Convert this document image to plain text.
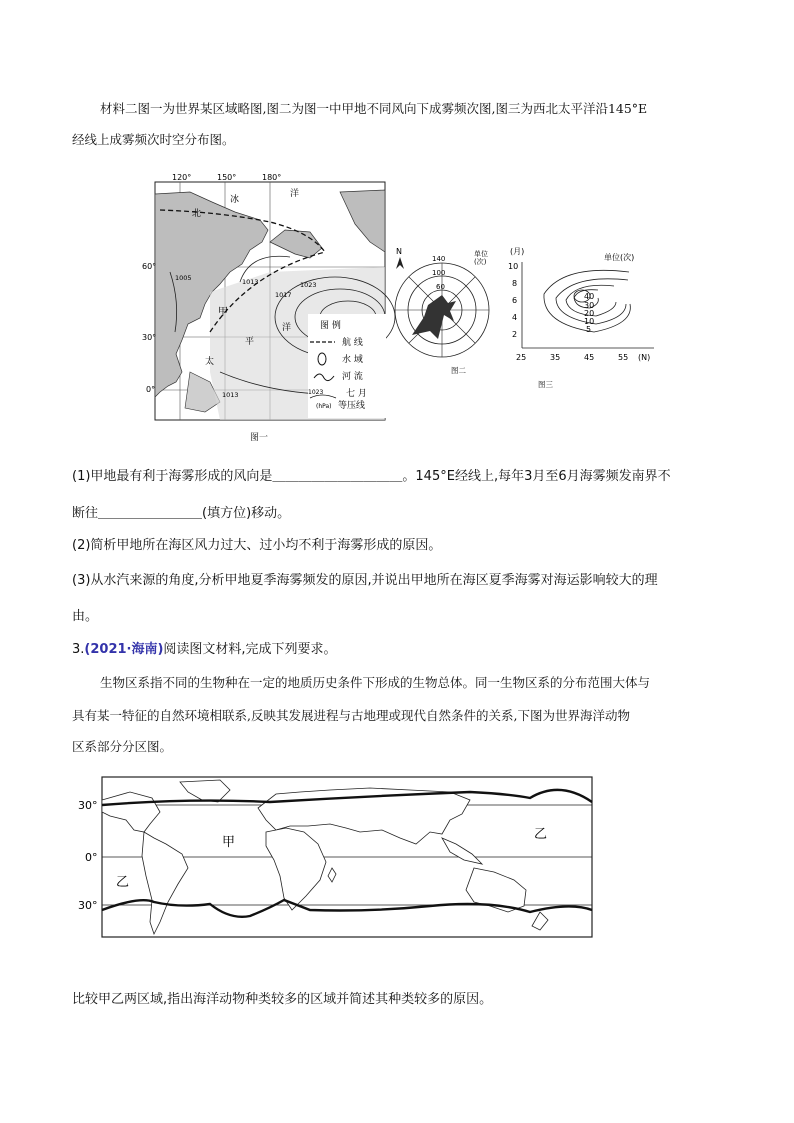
材料二图一为世界某区域略图,图二为图一中甲地不同风向下成雾频次图,图三为西北太平洋沿145°E
经线上成雾频次时空分布图。
120°	150°	180°
60°
30°
0°
北
冰
洋
甲
平
洋
太
1005	1013
1017
1023
1013
图 例
航 线
水 域
河 流
1023
(hPa)
七 月
等压线
图一
N	单位
(次)
140
100
60
图二
(月)
单位(次)
10
8
6
4
2
25	35	45	55 (N)
40
30
20
10
5
图三
(1)甲地最有利于海雾形成的风向是＿＿＿＿＿＿＿＿＿＿。145°E经线上,每年3月至6月海雾频发南界不
断往＿＿＿＿＿＿＿＿(填方位)移动。
(2)简析甲地所在海区风力过大、过小均不利于海雾形成的原因。
(3)从水汽来源的角度,分析甲地夏季海雾频发的原因,并说出甲地所在海区夏季海雾对海运影响较大的理
由。
3.(2021·海南)阅读图文材料,完成下列要求。
生物区系指不同的生物种在一定的地质历史条件下形成的生物总体。同一生物区系的分布范围大体与
具有某一特征的自然环境相联系,反映其发展进程与古地理或现代自然条件的关系,下图为世界海洋动物
区系部分分区图。
30°
0°
30°
甲
乙
乙
比较甲乙两区域,指出海洋动物种类较多的区域并简述其种类较多的原因。
